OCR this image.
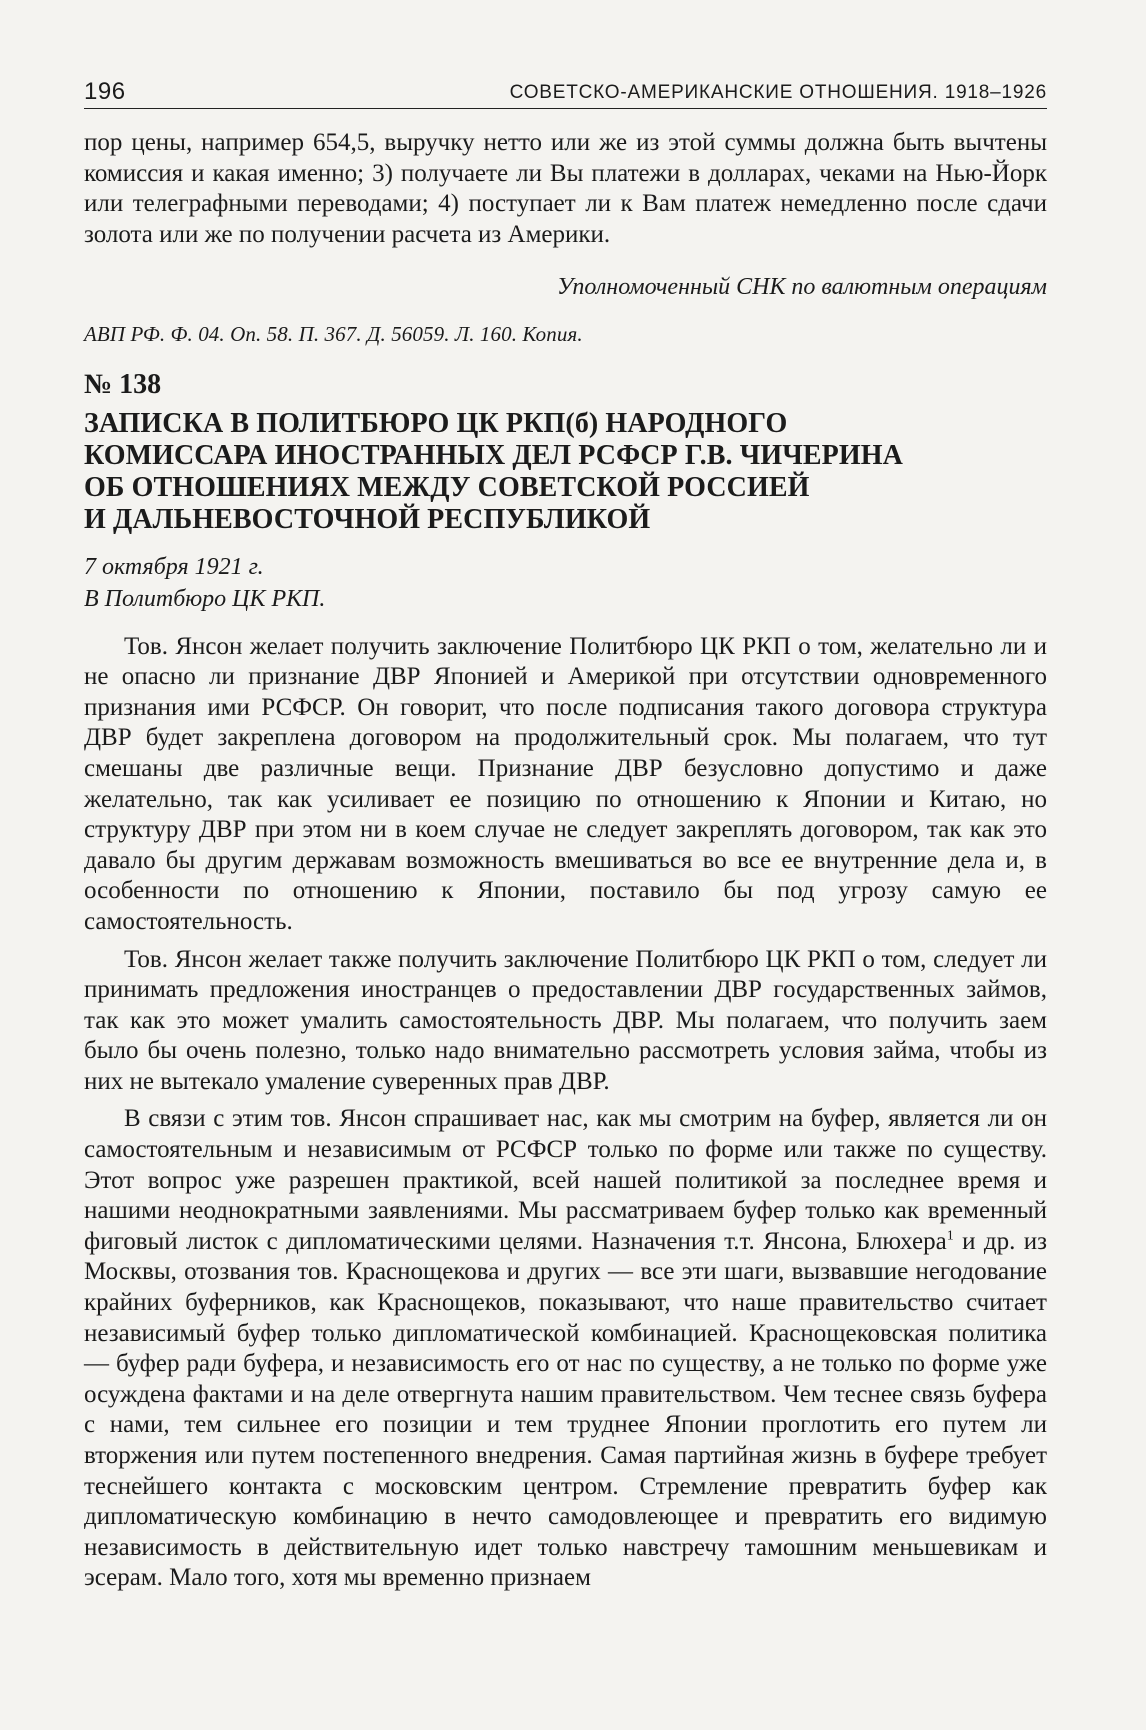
196	СОВЕТСКО-АМЕРИКАНСКИЕ ОТНОШЕНИЯ. 1918–1926

пор цены, например 654,5, выручку нетто или же из этой суммы должна быть вычтены комиссия и какая именно; 3) получаете ли Вы платежи в долларах, чеками на Нью-Йорк или телеграфными переводами; 4) поступает ли к Вам платеж немедленно после сдачи золота или же по получении расчета из Америки.

Уполномоченный СНК по валютным операциям
АВП РФ. Ф. 04. Оп. 58. П. 367. Д. 56059. Л. 160. Копия.
№ 138
ЗАПИСКА В ПОЛИТБЮРО ЦК РКП(б) НАРОДНОГО
КОМИССАРА ИНОСТРАННЫХ ДЕЛ РСФСР Г.В. ЧИЧЕРИНА
ОБ ОТНОШЕНИЯХ МЕЖДУ СОВЕТСКОЙ РОССИЕЙ
И ДАЛЬНЕВОСТОЧНОЙ РЕСПУБЛИКОЙ
7 октября 1921 г.
В Политбюро ЦК РКП.

Тов. Янсон желает получить заключение Политбюро ЦК РКП о том, желательно ли и не опасно ли признание ДВР Японией и Америкой при отсутствии одновременного признания ими РСФСР. Он говорит, что после подписания такого договора структура ДВР будет закреплена договором на продолжительный срок. Мы полагаем, что тут смешаны две различные вещи. Признание ДВР безусловно допустимо и даже желательно, так как усиливает ее позицию по отношению к Японии и Китаю, но структуру ДВР при этом ни в коем случае не следует закреплять договором, так как это давало бы другим державам возможность вмешиваться во все ее внутренние дела и, в особенности по отношению к Японии, поставило бы под угрозу самую ее самостоятельность.

Тов. Янсон желает также получить заключение Политбюро ЦК РКП о том, следует ли принимать предложения иностранцев о предоставлении ДВР государственных займов, так как это может умалить самостоятельность ДВР. Мы полагаем, что получить заем было бы очень полезно, только надо внимательно рассмотреть условия займа, чтобы из них не вытекало умаление суверенных прав ДВР.

В связи с этим тов. Янсон спрашивает нас, как мы смотрим на буфер, является ли он самостоятельным и независимым от РСФСР только по форме или также по существу. Этот вопрос уже разрешен практикой, всей нашей политикой за последнее время и нашими неоднократными заявлениями. Мы рассматриваем буфер только как временный фиговый листок с дипломатическими целями. Назначения т.т. Янсона, Блюхера$^1$ и др. из Москвы, отозвания тов. Краснощекова и других — все эти шаги, вызвавшие негодование крайних буферников, как Краснощеков, показывают, что наше правительство считает независимый буфер только дипломатической комбинацией. Краснощековская политика — буфер ради буфера, и независимость его от нас по существу, а не только по форме уже осуждена фактами и на деле отвергнута нашим правительством. Чем теснее связь буфера с нами, тем сильнее его позиции и тем труднее Японии проглотить его путем ли вторжения или путем постепенного внедрения. Самая партийная жизнь в буфере требует теснейшего контакта с московским центром. Стремление превратить буфер как дипломатическую комбинацию в нечто самодовлеющее и превратить его видимую независимость в действительную идет только навстречу тамошним меньшевикам и эсерам. Мало того, хотя мы временно признаем
